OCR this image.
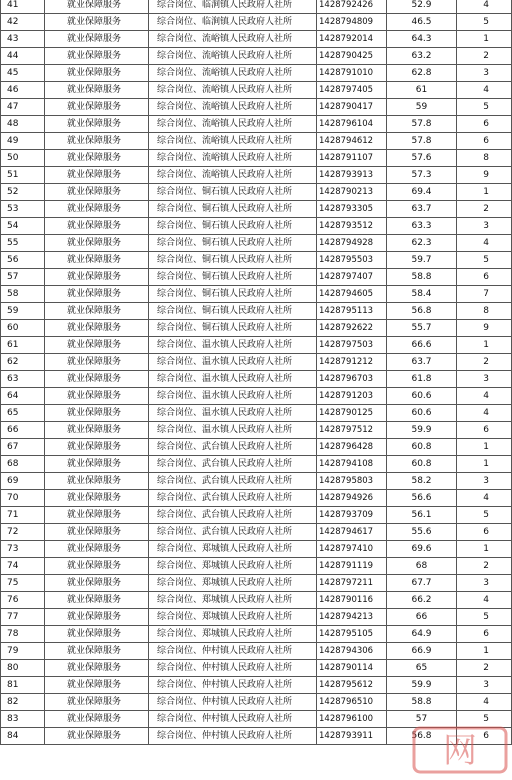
41	就业保障服务	综合岗位、临涧镇人民政府人社所	1428792426	52.9	4
42	就业保障服务	综合岗位、临涧镇人民政府人社所	1428794809	46.5	5
43	就业保障服务	综合岗位、流峪镇人民政府人社所	1428792014	64.3	1
44	就业保障服务	综合岗位、流峪镇人民政府人社所	1428790425	63.2	2
45	就业保障服务	综合岗位、流峪镇人民政府人社所	1428791010	62.8	3
46	就业保障服务	综合岗位、流峪镇人民政府人社所	1428797405	61	4
47	就业保障服务	综合岗位、流峪镇人民政府人社所	1428790417	59	5
48	就业保障服务	综合岗位、流峪镇人民政府人社所	1428796104	57.8	6
49	就业保障服务	综合岗位、流峪镇人民政府人社所	1428794612	57.8	6
50	就业保障服务	综合岗位、流峪镇人民政府人社所	1428791107	57.6	8
51	就业保障服务	综合岗位、流峪镇人民政府人社所	1428793913	57.3	9
52	就业保障服务	综合岗位、铜石镇人民政府人社所	1428790213	69.4	1
53	就业保障服务	综合岗位、铜石镇人民政府人社所	1428793305	63.7	2
54	就业保障服务	综合岗位、铜石镇人民政府人社所	1428793512	63.3	3
55	就业保障服务	综合岗位、铜石镇人民政府人社所	1428794928	62.3	4
56	就业保障服务	综合岗位、铜石镇人民政府人社所	1428795503	59.7	5
57	就业保障服务	综合岗位、铜石镇人民政府人社所	1428797407	58.8	6
58	就业保障服务	综合岗位、铜石镇人民政府人社所	1428794605	58.4	7
59	就业保障服务	综合岗位、铜石镇人民政府人社所	1428795113	56.8	8
60	就业保障服务	综合岗位、铜石镇人民政府人社所	1428792622	55.7	9
61	就业保障服务	综合岗位、温水镇人民政府人社所	1428797503	66.6	1
62	就业保障服务	综合岗位、温水镇人民政府人社所	1428791212	63.7	2
63	就业保障服务	综合岗位、温水镇人民政府人社所	1428796703	61.8	3
64	就业保障服务	综合岗位、温水镇人民政府人社所	1428791203	60.6	4
65	就业保障服务	综合岗位、温水镇人民政府人社所	1428790125	60.6	4
66	就业保障服务	综合岗位、温水镇人民政府人社所	1428797512	59.9	6
67	就业保障服务	综合岗位、武台镇人民政府人社所	1428796428	60.8	1
68	就业保障服务	综合岗位、武台镇人民政府人社所	1428794108	60.8	1
69	就业保障服务	综合岗位、武台镇人民政府人社所	1428795803	58.2	3
70	就业保障服务	综合岗位、武台镇人民政府人社所	1428794926	56.6	4
71	就业保障服务	综合岗位、武台镇人民政府人社所	1428793709	56.1	5
72	就业保障服务	综合岗位、武台镇人民政府人社所	1428794617	55.6	6
73	就业保障服务	综合岗位、郑城镇人民政府人社所	1428797410	69.6	1
74	就业保障服务	综合岗位、郑城镇人民政府人社所	1428791119	68	2
75	就业保障服务	综合岗位、郑城镇人民政府人社所	1428797211	67.7	3
76	就业保障服务	综合岗位、郑城镇人民政府人社所	1428790116	66.2	4
77	就业保障服务	综合岗位、郑城镇人民政府人社所	1428794213	66	5
78	就业保障服务	综合岗位、郑城镇人民政府人社所	1428795105	64.9	6
79	就业保障服务	综合岗位、仲村镇人民政府人社所	1428794306	66.9	1
80	就业保障服务	综合岗位、仲村镇人民政府人社所	1428790114	65	2
81	就业保障服务	综合岗位、仲村镇人民政府人社所	1428795612	59.9	3
82	就业保障服务	综合岗位、仲村镇人民政府人社所	1428796510	58.8	4
83	就业保障服务	综合岗位、仲村镇人民政府人社所	1428796100	57	5
84	就业保障服务	综合岗位、仲村镇人民政府人社所	1428793911	56.8	6
网
